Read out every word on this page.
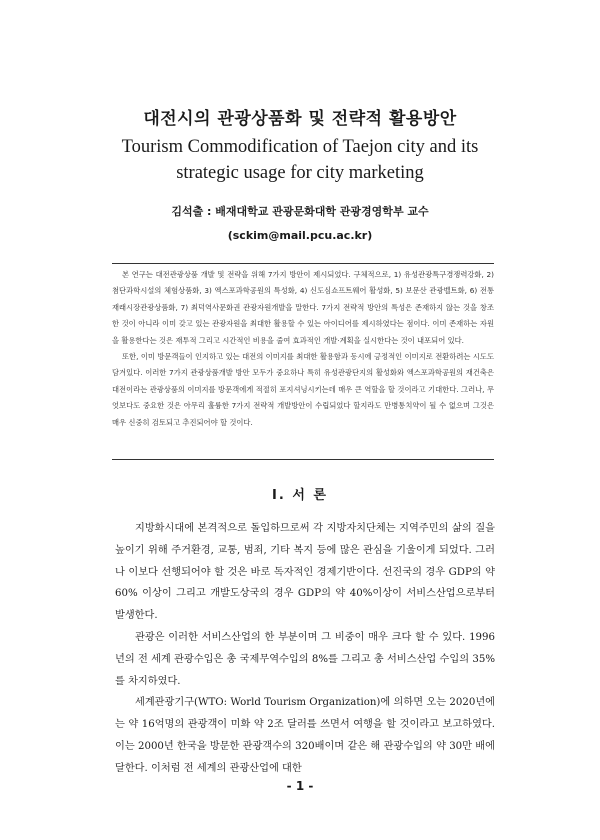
대전시의 관광상품화 및 전략적 활용방안
Tourism Commodification of Taejon city and its
strategic usage for city marketing
김석출 : 배재대학교 관광문화대학 관광경영학부 교수
(sckim@mail.pcu.ac.kr)

본 연구는 대전관광상품 개발 및 전략을 위해 7가지 방안이 제시되었다. 구체적으로, 1) 유성관광특구경쟁력강화, 2) 첨단과학시설의 체험상품화, 3) 엑스포과학공원의 특성화, 4) 신도심쇼프트웨어 활성화, 5) 보문산 관광벨트화, 6) 전통재래시장관광상품화, 7) 최덕역사문화권 관광자원개발을 말한다. 7가지 전략적 방안의 특성은 존재하지 않는 것을 창조한 것이 아니라 이미 갖고 있는 관광자원을 최대한 활용할 수 있는 아이디어를 제시하였다는 점이다. 이미 존재하는 자원을 활용한다는 것은 재투적 그리고 시간적인 비용을 줄여 효과적인 개발·계획을 실시한다는 것이 내포되어 있다.

또한, 이미 방문객들이 인지하고 있는 대전의 이미지를 최대한 활용함과 동시에 긍정적인 이미지로 전환하려는 시도도 담겨있다. 이러한 7가지 관광상품개발 방안 모두가 중요하나 특히 유성관광단지의 활성화와 엑스포과학공원의 재건축은 대전이라는 관광상품의 이미지를 방문객에게 적절히 포지셔닝시키는데 매우 큰 역할을 할 것이라고 기대한다. 그러나, 무엇보다도 중요한 것은 아무리 훌륭한 7가지 전략적 개발방안이 수립되었다 할지라도 만병통치약이 될 수 없으며 그것은 매우 신중히 검토되고 추진되어야 할 것이다.

I. 서 론

지방화시대에 본격적으로 돌입하므로써 각 지방자치단체는 지역주민의 삶의 질을 높이기 위해 주거환경, 교통, 범죄, 기타 복지 등에 많은 관심을 기울이게 되었다. 그러나 이보다 선행되어야 할 것은 바로 독자적인 경제기반이다. 선진국의 경우 GDP의 약 60% 이상이 그리고 개발도상국의 경우 GDP의 약 40%이상이 서비스산업으로부터 발생한다.

관광은 이러한 서비스산업의 한 부분이며 그 비중이 매우 크다 할 수 있다. 1996년의 전 세계 관광수입은 총 국제무역수입의 8%를 그리고 총 서비스산업 수입의 35%를 차지하였다.

세계관광기구(WTO: World Tourism Organization)에 의하면 오는 2020년에는 약 16억명의 관광객이 미화 약 2조 달러를 쓰면서 여행을 할 것이라고 보고하였다. 이는 2000년 한국을 방문한 관광객수의 320배이며 같은 해 관광수입의 약 30만 배에 달한다. 이처럼 전 세계의 관광산업에 대한

- 1 -
